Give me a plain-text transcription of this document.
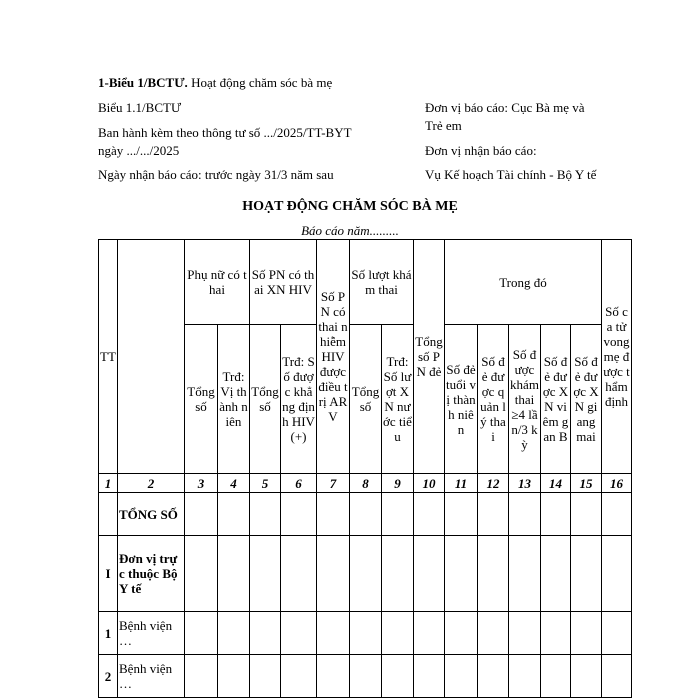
1-Biểu 1/BCTƯ. Hoạt động chăm sóc bà mẹ
Biểu 1.1/BCTƯ
Ban hành kèm theo thông tư số .../2025/TT-BYT
ngày .../.../2025
Ngày nhận báo cáo: trước ngày 31/3 năm sau
Đơn vị báo cáo: Cục Bà mẹ và
Trẻ em
Đơn vị nhận báo cáo:
Vụ Kế hoạch Tài chính - Bộ Y tế
HOẠT ĐỘNG CHĂM SÓC BÀ MẸ
Báo cáo năm.........
TT		Phụ nữ có thai		Số PN có thai XN HIV		Số PN có thai nhiễm HIV được điều trị ARV	Số lượt khám thai		Tổng số PN đẻ	Trong đó					Số ca tử vong mẹ được thẩm định
		Tổng số	Trđ: Vị thành niên	Tổng số	Trđ: Số được khẳng định HIV (+)		Tổng số	Trđ: Số lượt XN nước tiểu		Số đẻ tuổi vị thành niên	Số đẻ được quản lý thai	Số được khám thai ≥4 lần/3 kỳ	Số đẻ được XN viêm gan B	Số đẻ được XN giang mai	
1	2	3	4	5	6	7	8	9	10	11	12	13	14	15	16
	TỔNG SỐ														
I	Đơn vị trực thuộc Bộ Y tế														
1	Bệnh viện …														
2	Bệnh viện …														
